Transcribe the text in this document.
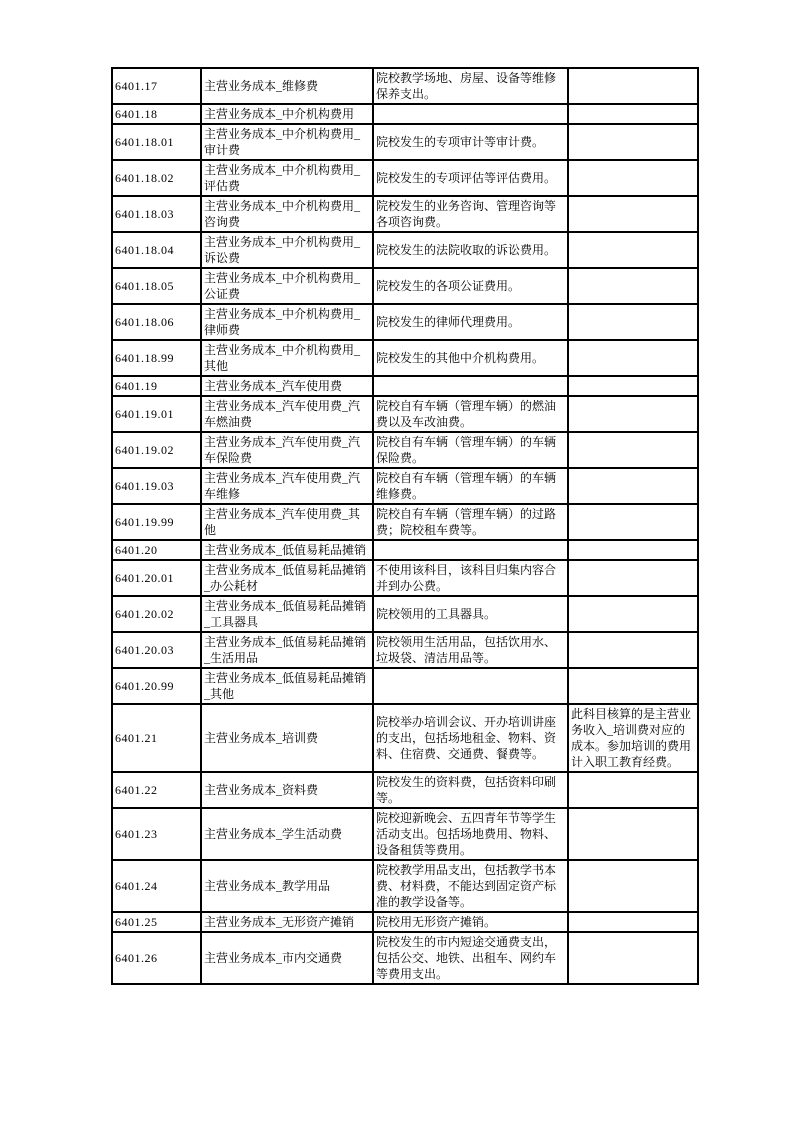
6401.17	主营业务成本_维修费	院校教学场地、房屋、设备等维修保养支出。	
6401.18	主营业务成本_中介机构费用		
6401.18.01	主营业务成本_中介机构费用_审计费	院校发生的专项审计等审计费。	
6401.18.02	主营业务成本_中介机构费用_评估费	院校发生的专项评估等评估费用。	
6401.18.03	主营业务成本_中介机构费用_咨询费	院校发生的业务咨询、管理咨询等各项咨询费。	
6401.18.04	主营业务成本_中介机构费用_诉讼费	院校发生的法院收取的诉讼费用。	
6401.18.05	主营业务成本_中介机构费用_公证费	院校发生的各项公证费用。	
6401.18.06	主营业务成本_中介机构费用_律师费	院校发生的律师代理费用。	
6401.18.99	主营业务成本_中介机构费用_其他	院校发生的其他中介机构费用。	
6401.19	主营业务成本_汽车使用费		
6401.19.01	主营业务成本_汽车使用费_汽车燃油费	院校自有车辆（管理车辆）的燃油费以及车改油费。	
6401.19.02	主营业务成本_汽车使用费_汽车保险费	院校自有车辆（管理车辆）的车辆保险费。	
6401.19.03	主营业务成本_汽车使用费_汽车维修	院校自有车辆（管理车辆）的车辆维修费。	
6401.19.99	主营业务成本_汽车使用费_其他	院校自有车辆（管理车辆）的过路费；院校租车费等。	
6401.20	主营业务成本_低值易耗品摊销		
6401.20.01	主营业务成本_低值易耗品摊销_办公耗材	不使用该科目，该科目归集内容合并到办公费。	
6401.20.02	主营业务成本_低值易耗品摊销_工具器具	院校领用的工具器具。	
6401.20.03	主营业务成本_低值易耗品摊销_生活用品	院校领用生活用品，包括饮用水、垃圾袋、清洁用品等。	
6401.20.99	主营业务成本_低值易耗品摊销_其他		
6401.21	主营业务成本_培训费	院校举办培训会议、开办培训讲座的支出，包括场地租金、物料、资料、住宿费、交通费、餐费等。	此科目核算的是主营业务收入_培训费对应的成本。参加培训的费用计入职工教育经费。
6401.22	主营业务成本_资料费	院校发生的资料费，包括资料印刷等。	
6401.23	主营业务成本_学生活动费	院校迎新晚会、五四青年节等学生活动支出。包括场地费用、物料、设备租赁等费用。	
6401.24	主营业务成本_教学用品	院校教学用品支出，包括教学书本费、材料费，不能达到固定资产标准的教学设备等。	
6401.25	主营业务成本_无形资产摊销	院校用无形资产摊销。	
6401.26	主营业务成本_市内交通费	院校发生的市内短途交通费支出，包括公交、地铁、出租车、网约车等费用支出。	
